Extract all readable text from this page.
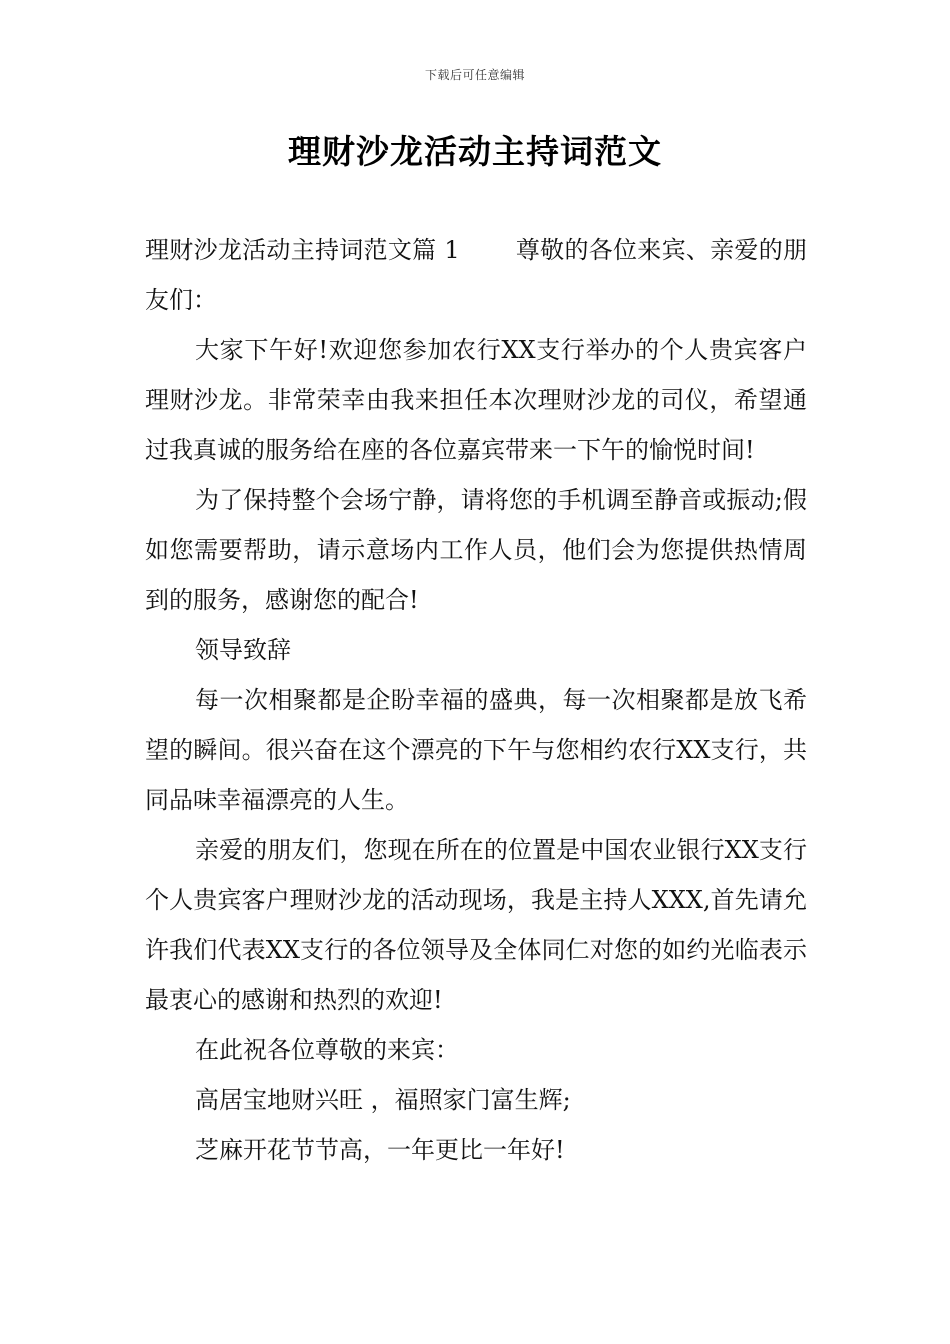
下载后可任意编辑
理财沙龙活动主持词范文

理财沙龙活动主持词范文篇 1 尊敬的各位来宾、亲爱的朋友们：

大家下午好!欢迎您参加农行XX支行举办的个人贵宾客户理财沙龙。非常荣幸由我来担任本次理财沙龙的司仪，希望通过我真诚的服务给在座的各位嘉宾带来一下午的愉悦时间!

为了保持整个会场宁静，请将您的手机调至静音或振动;假如您需要帮助，请示意场内工作人员，他们会为您提供热情周到的服务，感谢您的配合!

领导致辞

每一次相聚都是企盼幸福的盛典，每一次相聚都是放飞希望的瞬间。很兴奋在这个漂亮的下午与您相约农行XX支行，共同品味幸福漂亮的人生。

亲爱的朋友们，您现在所在的位置是中国农业银行XX支行个人贵宾客户理财沙龙的活动现场，我是主持人XXX,首先请允许我们代表XX支行的各位领导及全体同仁对您的如约光临表示最衷心的感谢和热烈的欢迎!

在此祝各位尊敬的来宾：

高居宝地财兴旺 ，福照家门富生辉;

芝麻开花节节高，一年更比一年好!
